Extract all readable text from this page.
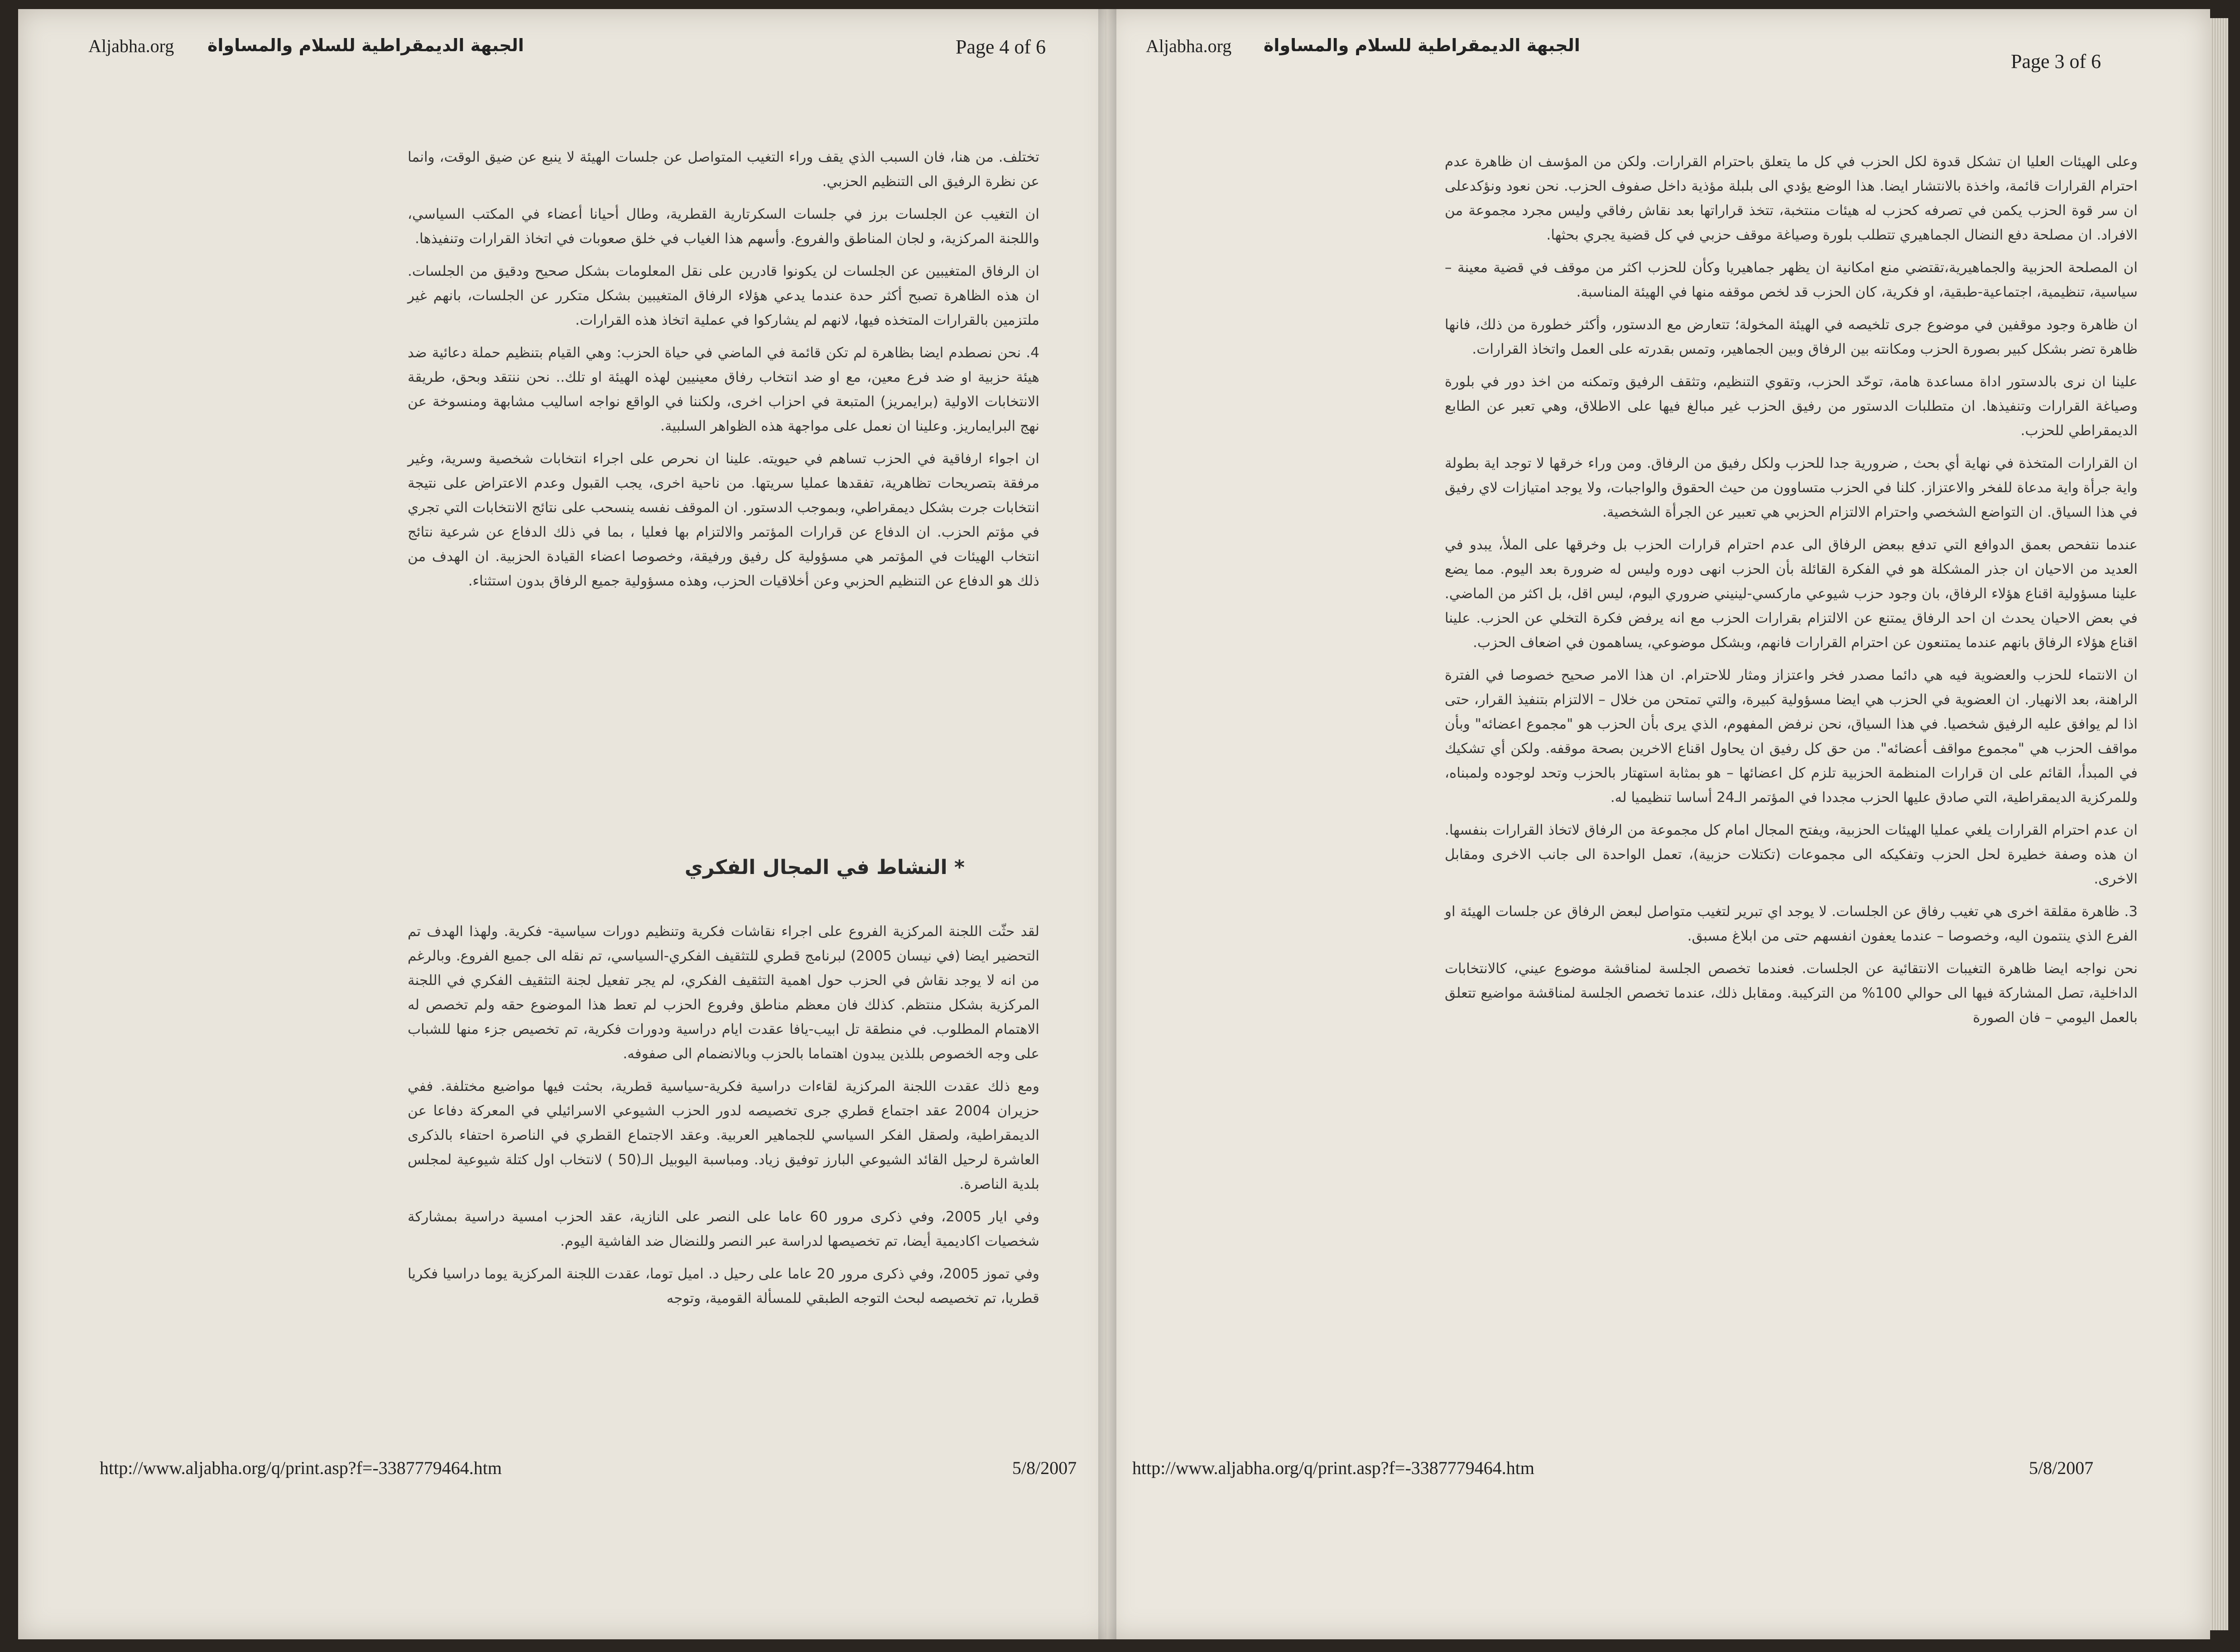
Aljabha.org الجبهة الديمقراطية للسلام والمساواة	Page 4 of 6

تختلف. من هنا، فان السبب الذي يقف وراء التغيب المتواصل عن جلسات الهيئة لا ينبع عن ضيق الوقت، وانما عن نظرة الرفيق الى التنظيم الحزبي.

ان التغيب عن الجلسات برز في جلسات السكرتارية القطرية، وطال أحيانا أعضاء في المكتب السياسي، واللجنة المركزية، و لجان المناطق والفروع. وأسهم هذا الغياب في خلق صعوبات في اتخاذ القرارات وتنفيذها.

ان الرفاق المتغيبين عن الجلسات لن يكونوا قادرين على نقل المعلومات بشكل صحيح ودقيق من الجلسات. ان هذه الظاهرة تصبح أكثر حدة عندما يدعي هؤلاء الرفاق المتغيبين بشكل متكرر عن الجلسات، بانهم غير ملتزمين بالقرارات المتخذه فيها، لانهم لم يشاركوا في عملية اتخاذ هذه القرارات.

4. نحن نصطدم ايضا بظاهرة لم تكن قائمة في الماضي في حياة الحزب: وهي القيام بتنظيم حملة دعائية ضد هيئة حزبية او ضد فرع معين، مع او ضد انتخاب رفاق معينيين لهذه الهيئة او تلك.. نحن ننتقد وبحق، طريقة الانتخابات الاولية (برايمريز) المتبعة في احزاب اخرى، ولكننا في الواقع نواجه اساليب مشابهة ومنسوخة عن نهج البرايماريز. وعلينا ان نعمل على مواجهة هذه الظواهر السلبية.

ان اجواء ارفاقية في الحزب تساهم في حيويته. علينا ان نحرص على اجراء انتخابات شخصية وسرية، وغير مرفقة بتصريحات تظاهرية، تفقدها عمليا سريتها. من ناحية اخرى، يجب القبول وعدم الاعتراض على نتيجة انتخابات جرت بشكل ديمقراطي، وبموجب الدستور. ان الموقف نفسه ينسحب على نتائج الانتخابات التي تجري في مؤتم الحزب. ان الدفاع عن قرارات المؤتمر والالتزام بها فعليا ، بما في ذلك الدفاع عن شرعية نتائج انتخاب الهيئات في المؤتمر هي مسؤولية كل رفيق ورفيقة، وخصوصا اعضاء القيادة الحزبية. ان الهدف من ذلك هو الدفاع عن التنظيم الحزبي وعن أخلاقيات الحزب، وهذه مسؤولية جميع الرفاق بدون استثناء.

* النشاط في المجال الفكري

لقد حثّت اللجنة المركزية الفروع على اجراء نقاشات فكرية وتنظيم دورات سياسية- فكرية. ولهذا الهدف تم التحضير ايضا (في نيسان 2005) لبرنامج قطري للتثقيف الفكري-السياسي، تم نقله الى جميع الفروع. وبالرغم من انه لا يوجد نقاش في الحزب حول اهمية التثقيف الفكري، لم يجر تفعيل لجنة التثقيف الفكري في اللجنة المركزية بشكل منتظم. كذلك فان معظم مناطق وفروع الحزب لم تعط هذا الموضوع حقه ولم تخصص له الاهتمام المطلوب. في منطقة تل ابيب-يافا عقدت ايام دراسية ودورات فكرية، تم تخصيص جزء منها للشباب على وجه الخصوص بللذين يبدون اهتماما بالحزب وبالانضمام الى صفوفه.

ومع ذلك عقدت اللجنة المركزية لقاءات دراسية فكرية-سياسية قطرية، بحثت فيها مواضيع مختلفة. ففي حزيران 2004 عقد اجتماع قطري جرى تخصيصه لدور الحزب الشيوعي الاسرائيلي في المعركة دفاعا عن الديمقراطية، ولصقل الفكر السياسي للجماهير العربية. وعقد الاجتماع القطري في الناصرة احتفاء بالذكرى العاشرة لرحيل القائد الشيوعي البارز توفيق زياد. ومباسبة اليوبيل الـ(50 ) لانتخاب اول كتلة شيوعية لمجلس بلدية الناصرة.

وفي ايار 2005، وفي ذكرى مرور 60 عاما على النصر على النازية، عقد الحزب امسية دراسية بمشاركة شخصيات اكاديمية أيضا، تم تخصيصها لدراسة عبر النصر وللنضال ضد الفاشية اليوم.

وفي تموز 2005، وفي ذكرى مرور 20 عاما على رحيل د. اميل توما، عقدت اللجنة المركزية يوما دراسيا فكريا قطريا، تم تخصيصه لبحث التوجه الطبقي للمسألة القومية، وتوجه

http://www.aljabha.org/q/print.asp?f=-3387779464.htm	5/8/2007
Aljabha.org الجبهة الديمقراطية للسلام والمساواة
Page 3 of 6

وعلى الهيئات العليا ان تشكل قدوة لكل الحزب في كل ما يتعلق باحترام القرارات. ولكن من المؤسف ان ظاهرة عدم احترام القرارات قائمة، واخذة بالانتشار ايضا. هذا الوضع يؤدي الى بلبلة مؤذية داخل صفوف الحزب. نحن نعود ونؤكدعلى ان سر قوة الحزب يكمن في تصرفه كحزب له هيئات منتخبة، تتخذ قراراتها بعد نقاش رفاقي وليس مجرد مجموعة من الافراد. ان مصلحة دفع النضال الجماهيري تتطلب بلورة وصياغة موقف حزبي في كل قضية يجري بحثها.

ان المصلحة الحزبية والجماهيرية،تقتضي منع امكانية ان يظهر جماهيريا وكأن للحزب اكثر من موقف في قضية معينة – سياسية، تنظيمية، اجتماعية-طبقية، او فكرية، كان الحزب قد لخص موقفه منها في الهيئة المناسبة.

ان ظاهرة وجود موقفين في موضوع جرى تلخيصه في الهيئة المخولة؛ تتعارض مع الدستور، وأكثر خطورة من ذلك، فانها ظاهرة تضر بشكل كبير بصورة الحزب ومكانته بين الرفاق وبين الجماهير، وتمس بقدرته على العمل واتخاذ القرارات.

علينا ان نرى بالدستور اداة مساعدة هامة، توحّد الحزب، وتقوي التنظيم، وتثقف الرفيق وتمكنه من اخذ دور في بلورة وصياغة القرارات وتنفيذها. ان متطلبات الدستور من رفيق الحزب غير مبالغ فيها على الاطلاق، وهي تعبر عن الطابع الديمقراطي للحزب.

ان القرارات المتخذة في نهاية أي بحث , ضرورية جدا للحزب ولكل رفيق من الرفاق. ومن وراء خرقها لا توجد اية بطولة واية جرأة واية مدعاة للفخر والاعتزاز. كلنا في الحزب متساوون من حيث الحقوق والواجبات، ولا يوجد امتيازات لاي رفيق في هذا السياق. ان التواضع الشخصي واحترام الالتزام الحزبي هي تعبير عن الجرأة الشخصية.

عندما نتفحص بعمق الدوافع التي تدفع ببعض الرفاق الى عدم احترام قرارات الحزب بل وخرقها على الملأ، يبدو في العديد من الاحيان ان جذر المشكلة هو في الفكرة القائلة بأن الحزب انهى دوره وليس له ضرورة بعد اليوم. مما يضع علينا مسؤولية اقناع هؤلاء الرفاق، بان وجود حزب شيوعي ماركسي-لينيني ضروري اليوم، ليس اقل، بل اكثر من الماضي. في بعض الاحيان يحدث ان احد الرفاق يمتنع عن الالتزام بقرارات الحزب مع انه يرفض فكرة التخلي عن الحزب. علينا اقناع هؤلاء الرفاق بانهم عندما يمتنعون عن احترام القرارات فانهم، وبشكل موضوعي، يساهمون في اضعاف الحزب.

ان الانتماء للحزب والعضوية فيه هي دائما مصدر فخر واعتزاز ومثار للاحترام. ان هذا الامر صحيح خصوصا في الفترة الراهنة، بعد الانهيار. ان العضوية في الحزب هي ايضا مسؤولية كبيرة، والتي تمتحن من خلال – الالتزام بتنفيذ القرار، حتى اذا لم يوافق عليه الرفيق شخصيا. في هذا السياق، نحن نرفض المفهوم، الذي يرى بأن الحزب هو "مجموع اعضائه" وبأن مواقف الحزب هي "مجموع مواقف أعضائه". من حق كل رفيق ان يحاول اقناع الاخرين بصحة موقفه. ولكن أي تشكيك في المبدأ، القائم على ان قرارات المنظمة الحزبية تلزم كل اعضائها – هو بمثابة استهتار بالحزب وتحد لوجوده ولمبناه، وللمركزية الديمقراطية، التي صادق عليها الحزب مجددا في المؤتمر الـ24 أساسا تنظيميا له.

ان عدم احترام القرارات يلغي عمليا الهيئات الحزبية، ويفتح المجال امام كل مجموعة من الرفاق لاتخاذ القرارات بنفسها. ان هذه وصفة خطيرة لحل الحزب وتفكيكه الى مجموعات (تكتلات حزبية)، تعمل الواحدة الى جانب الاخرى ومقابل الاخرى.

3. ظاهرة مقلقة اخرى هي تغيب رفاق عن الجلسات. لا يوجد اي تبرير لتغيب متواصل لبعض الرفاق عن جلسات الهيئة او الفرع الذي ينتمون اليه، وخصوصا – عندما يعفون انفسهم حتى من ابلاغ مسبق.

نحن نواجه ايضا ظاهرة التغيبات الانتقائية عن الجلسات. فعندما تخصص الجلسة لمناقشة موضوع عيني، كالانتخابات الداخلية، تصل المشاركة فيها الى حوالي 100% من التركيبة. ومقابل ذلك، عندما تخصص الجلسة لمناقشة مواضيع تتعلق بالعمل اليومي – فان الصورة

http://www.aljabha.org/q/print.asp?f=-3387779464.htm	5/8/2007
